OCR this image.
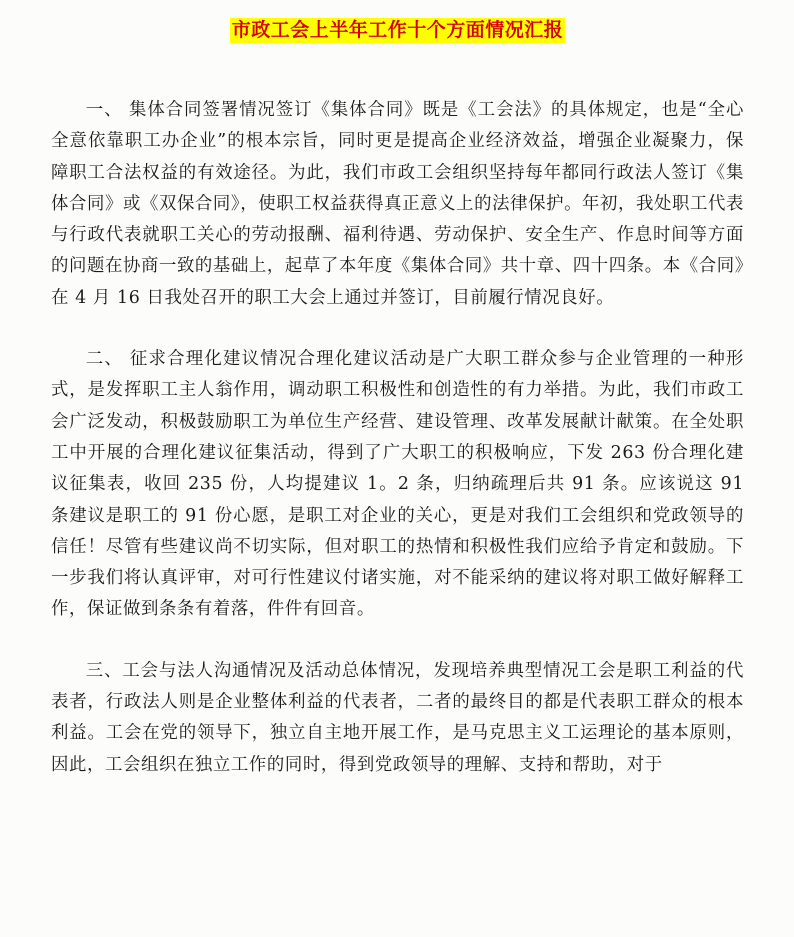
市政工会上半年工作十个方面情况汇报

一、 集体合同签署情况签订《集体合同》既是《工会法》的具体规定，也是“全心全意依靠职工办企业”的根本宗旨，同时更是提高企业经济效益，增强企业凝聚力，保障职工合法权益的有效途径。为此，我们市政工会组织坚持每年都同行政法人签订《集体合同》或《双保合同》，使职工权益获得真正意义上的法律保护。年初，我处职工代表与行政代表就职工关心的劳动报酬、福利待遇、劳动保护、安全生产、作息时间等方面的问题在协商一致的基础上，起草了本年度《集体合同》共十章、四十四条。本《合同》在 4 月 16 日我处召开的职工大会上通过并签订，目前履行情况良好。

二、 征求合理化建议情况合理化建议活动是广大职工群众参与企业管理的一种形式，是发挥职工主人翁作用，调动职工积极性和创造性的有力举措。为此，我们市政工会广泛发动，积极鼓励职工为单位生产经营、建设管理、改革发展献计献策。在全处职工中开展的合理化建议征集活动，得到了广大职工的积极响应，下发 263 份合理化建议征集表，收回 235 份，人均提建议 1。2 条，归纳疏理后共 91 条。应该说这 91 条建议是职工的 91 份心愿，是职工对企业的关心，更是对我们工会组织和党政领导的信任！尽管有些建议尚不切实际，但对职工的热情和积极性我们应给予肯定和鼓励。下一步我们将认真评审，对可行性建议付诸实施，对不能采纳的建议将对职工做好解释工作，保证做到条条有着落，件件有回音。

三、工会与法人沟通情况及活动总体情况，发现培养典型情况工会是职工利益的代表者，行政法人则是企业整体利益的代表者，二者的最终目的都是代表职工群众的根本利益。工会在党的领导下，独立自主地开展工作，是马克思主义工运理论的基本原则，因此，工会组织在独立工作的同时，得到党政领导的理解、支持和帮助，对于
